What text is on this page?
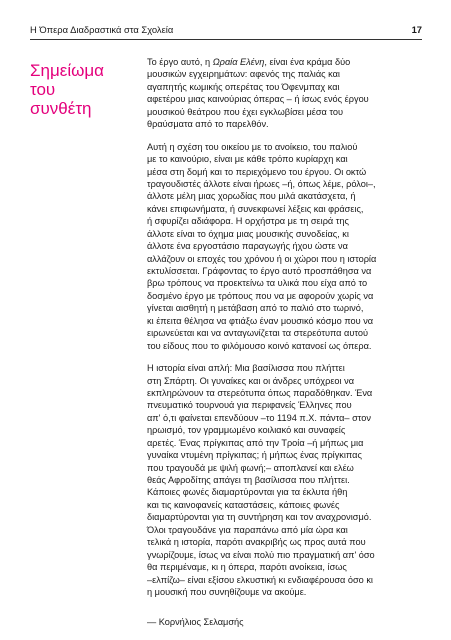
Η Όπερα Διαδραστικά στα Σχολεία	17
Σημείωμα
του
συνθέτη

Το έργο αυτό, η Ωραία Ελένη, είναι ένα κράμα δύο
μουσικών εγχειρημάτων: αφενός της παλιάς και
αγαπητής κωμικής οπερέτας του Όφενμπαχ και
αφετέρου μιας καινούριας όπερας – ή ίσως ενός έργου
μουσικού θεάτρου που έχει εγκλωβίσει μέσα του
θραύσματα από το παρελθόν.

Αυτή η σχέση του οικείου με το ανοίκειο, του παλιού
με το καινούριο, είναι με κάθε τρόπο κυρίαρχη και
μέσα στη δομή και το περιεχόμενο του έργου. Οι οκτώ
τραγουδιστές άλλοτε είναι ήρωες –ή, όπως λέμε, ρόλοι–,
άλλοτε μέλη μιας χορωδίας που μιλά ακατάσχετα, ή
κάνει επιφωνήματα, ή συνεκφωνεί λέξεις και φράσεις,
ή σφυρίζει αδιάφορα. Η ορχήστρα με τη σειρά της
άλλοτε είναι το όχημα μιας μουσικής συνοδείας, κι
άλλοτε ένα εργοστάσιο παραγωγής ήχου ώστε να
αλλάζουν οι εποχές του χρόνου ή οι χώροι που η ιστορία
εκτυλίσσεται. Γράφοντας το έργο αυτό προσπάθησα να
βρω τρόπους να προεκτείνω τα υλικά που είχα από το
δοσμένο έργο με τρόπους που να με αφορούν χωρίς να
γίνεται αισθητή η μετάβαση από το παλιό στο τωρινό,
κι έπειτα θέλησα να φτιάξω έναν μουσικό κόσμο που να
ειρωνεύεται και να ανταγωνίζεται τα στερεότυπα αυτού
του είδους που το φιλόμουσο κοινό κατανοεί ως όπερα.

Η ιστορία είναι απλή: Μια βασίλισσα που πλήττει
στη Σπάρτη. Οι γυναίκες και οι άνδρες υπόχρεοι να
εκπληρώνουν τα στερεότυπα όπως παραδόθηκαν. Ένα
πνευματικό τουρνουά για περιφανείς Έλληνες που
απ' ό,τι φαίνεται επενδύουν –το 1194 π.Χ. πάντα– στον
ηρωισμό, τον γραμμωμένο κοιλιακό και συναφείς
αρετές. Ένας πρίγκιπας από την Τροία –ή μήπως μια
γυναίκα ντυμένη πρίγκιπας; ή μήπως ένας πρίγκιπας
που τραγουδά με ψιλή φωνή;– αποπλανεί και ελέω
θεάς Αφροδίτης απάγει τη βασίλισσα που πλήττει.
Κάποιες φωνές διαμαρτύρονται για τα έκλυτα ήθη
και τις καινοφανείς καταστάσεις, κάποιες φωνές
διαμαρτύρονται για τη συντήρηση και τον αναχρονισμό.
Όλοι τραγουδάνε για παραπάνω από μία ώρα και
τελικά η ιστορία, παρότι ανακριβής ως προς αυτά που
γνωρίζουμε, ίσως να είναι πολύ πιο πραγματική απ' όσο
θα περιμέναμε, κι η όπερα, παρότι ανοίκεια, ίσως
–ελπίζω– είναι εξίσου ελκυστική κι ενδιαφέρουσα όσο κι
η μουσική που συνηθίζουμε να ακούμε.

— Κορνήλιος Σελαμσής
